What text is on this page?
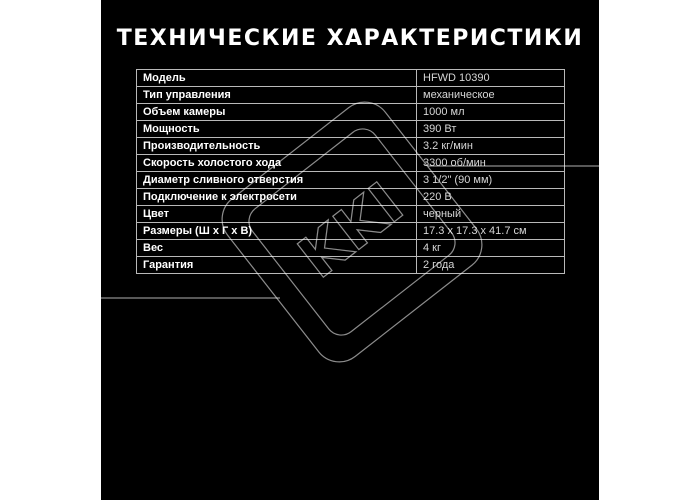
ТЕХНИЧЕСКИЕ ХАРАКТЕРИСТИКИ
Модель	HFWD 10390
Тип управления	механическое
Объем камеры	1000 мл
Мощность	390 Вт
Производительность	3.2 кг/мин
Скорость холостого хода	3300 об/мин
Диаметр сливного отверстия	3 1/2" (90 мм)
Подключение к электросети	220 В
Цвет	черный
Размеры (Ш х Г х В)	17.3 х 17.3 х 41.7 см
Вес	4 кг
Гарантия	2 года
KKI
